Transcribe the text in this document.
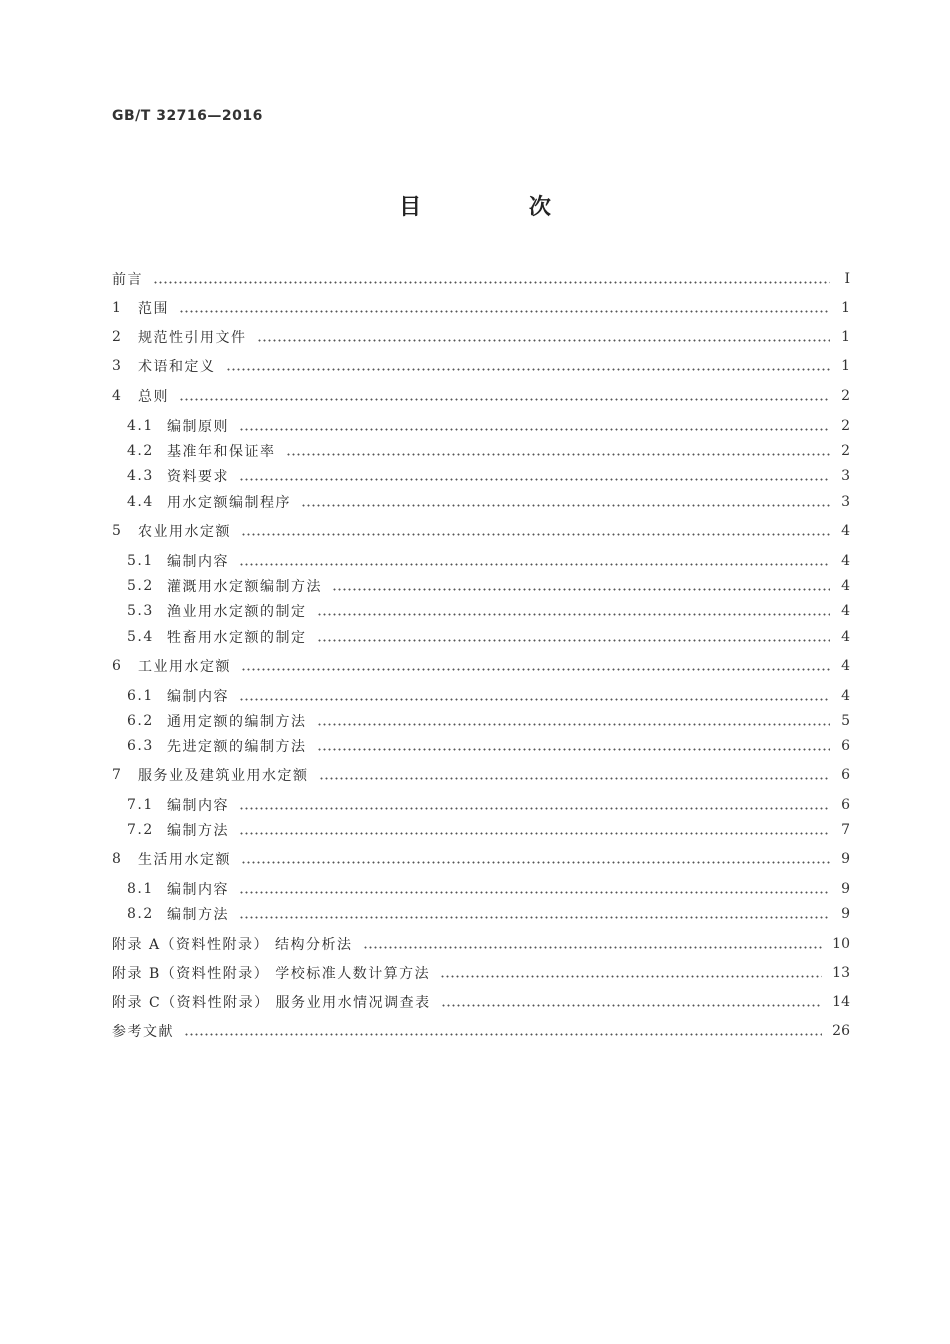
GB/T 32716—2016
目 次
前言	I
1	范围	1
2	规范性引用文件	1
3	术语和定义	1
4	总则	2
4.1 编制原则	2
4.2 基准年和保证率	2
4.3 资料要求	3
4.4 用水定额编制程序	3
5	农业用水定额	4
5.1 编制内容	4
5.2 灌溉用水定额编制方法	4
5.3 渔业用水定额的制定	4
5.4 牲畜用水定额的制定	4
6	工业用水定额	4
6.1 编制内容	4
6.2 通用定额的编制方法	5
6.3 先进定额的编制方法	6
7	服务业及建筑业用水定额	6
7.1 编制内容	6
7.2 编制方法	7
8	生活用水定额	9
8.1 编制内容	9
8.2 编制方法	9
附录 A（资料性附录） 结构分析法	10
附录 B（资料性附录） 学校标准人数计算方法	13
附录 C（资料性附录） 服务业用水情况调查表	14
参考文献	26
